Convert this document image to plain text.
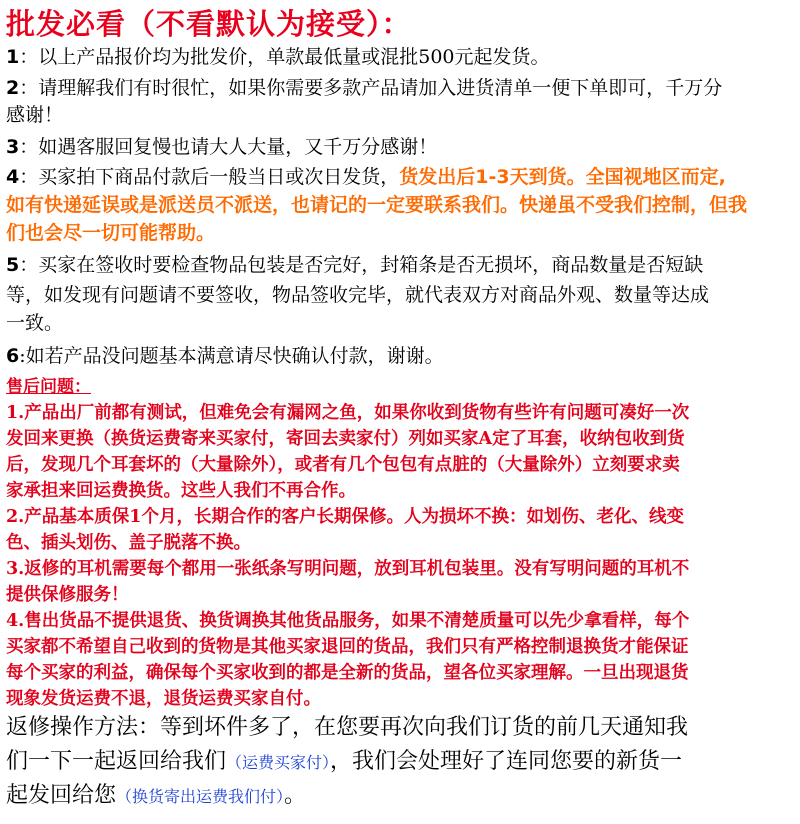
批发必看（不看默认为接受）：
1：以上产品报价均为批发价，单款最低量或混批500元起发货。
2：请理解我们有时很忙，如果你需要多款产品请加入进货清单一便下单即可，千万分
感谢！
3：如遇客服回复慢也请大人大量，又千万分感谢！
4：买家拍下商品付款后一般当日或次日发货，货发出后1-3天到货。全国视地区而定,
如有快递延误或是派送员不派送，也请记的一定要联系我们。快递虽不受我们控制，但我
们也会尽一切可能帮助。
5：买家在签收时要检查物品包装是否完好，封箱条是否无损坏，商品数量是否短缺
等，如发现有问题请不要签收，物品签收完毕，就代表双方对商品外观、数量等达成
一致。
6:如若产品没问题基本满意请尽快确认付款，谢谢。
售后问题：
1.产品出厂前都有测试，但难免会有漏网之鱼，如果你收到货物有些许有问题可凑好一次
发回来更换（换货运费寄来买家付，寄回去卖家付）列如买家A定了耳套，收纳包收到货
后，发现几个耳套坏的（大量除外），或者有几个包包有点脏的（大量除外）立刻要求卖
家承担来回运费换货。这些人我们不再合作。
2.产品基本质保1个月，长期合作的客户长期保修。人为损坏不换：如划伤、老化、线变
色、插头划伤、盖子脱落不换。
3.返修的耳机需要每个都用一张纸条写明问题，放到耳机包装里。没有写明问题的耳机不
提供保修服务！
4.售出货品不提供退货、换货调换其他货品服务，如果不清楚质量可以先少拿看样，每个
买家都不希望自己收到的货物是其他买家退回的货品，我们只有严格控制退换货才能保证
每个买家的利益，确保每个买家收到的都是全新的货品，望各位买家理解。一旦出现退货
现象发货运费不退，退货运费买家自付。
返修操作方法：等到坏件多了，在您要再次向我们订货的前几天通知我
们一下一起返回给我们（运费买家付），我们会处理好了连同您要的新货一
起发回给您（换货寄出运费我们付）。
